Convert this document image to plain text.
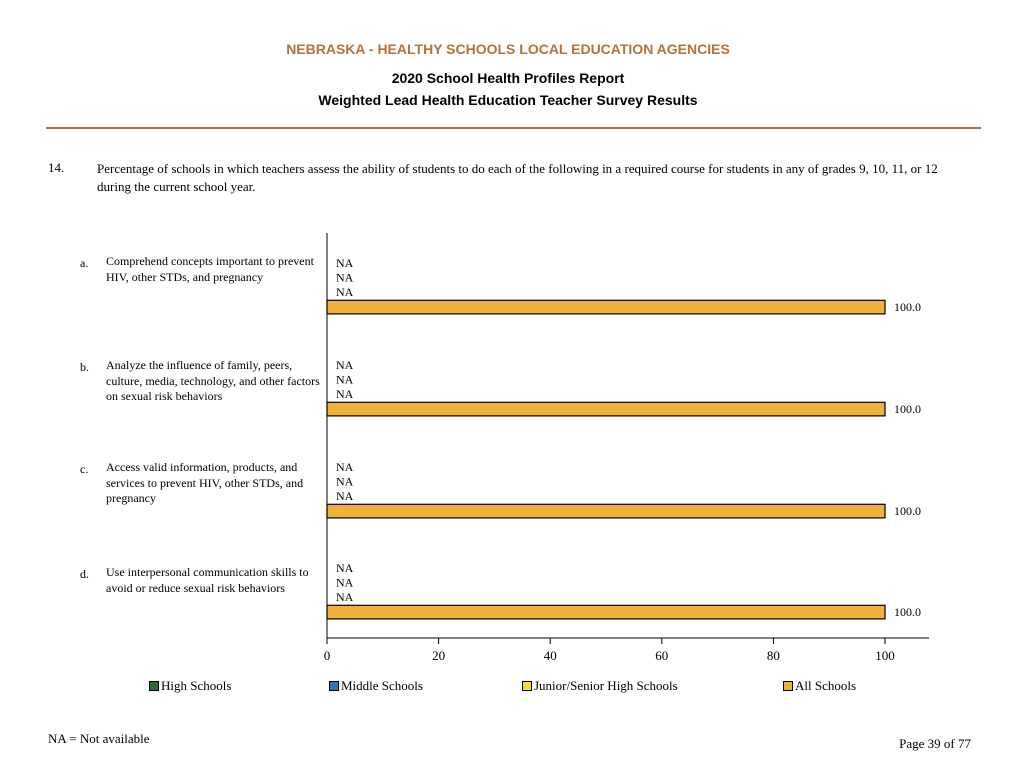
NEBRASKA - HEALTHY SCHOOLS LOCAL EDUCATION AGENCIES
2020 School Health Profiles Report
Weighted Lead Health Education Teacher Survey Results
14.	Percentage of schools in which teachers assess the ability of students to do each of the following in a required course for students in any of grades 9, 10, 11, or 12 during the current school year.
a. Comprehend concepts important to prevent HIV, other STDs, and pregnancy
b. Analyze the influence of family, peers, culture, media, technology, and other factors on sexual risk behaviors
c. Access valid information, products, and services to prevent HIV, other STDs, and pregnancy
d. Use interpersonal communication skills to avoid or reduce sexual risk behaviors
NA
NA
NA
100.0
NA
NA
NA
100.0
NA
NA
NA
100.0
NA
NA
NA
100.0
0	20	40	60	80	100
High Schools	Middle Schools	Junior/Senior High Schools	All Schools
NA = Not available	Page 39 of 77
